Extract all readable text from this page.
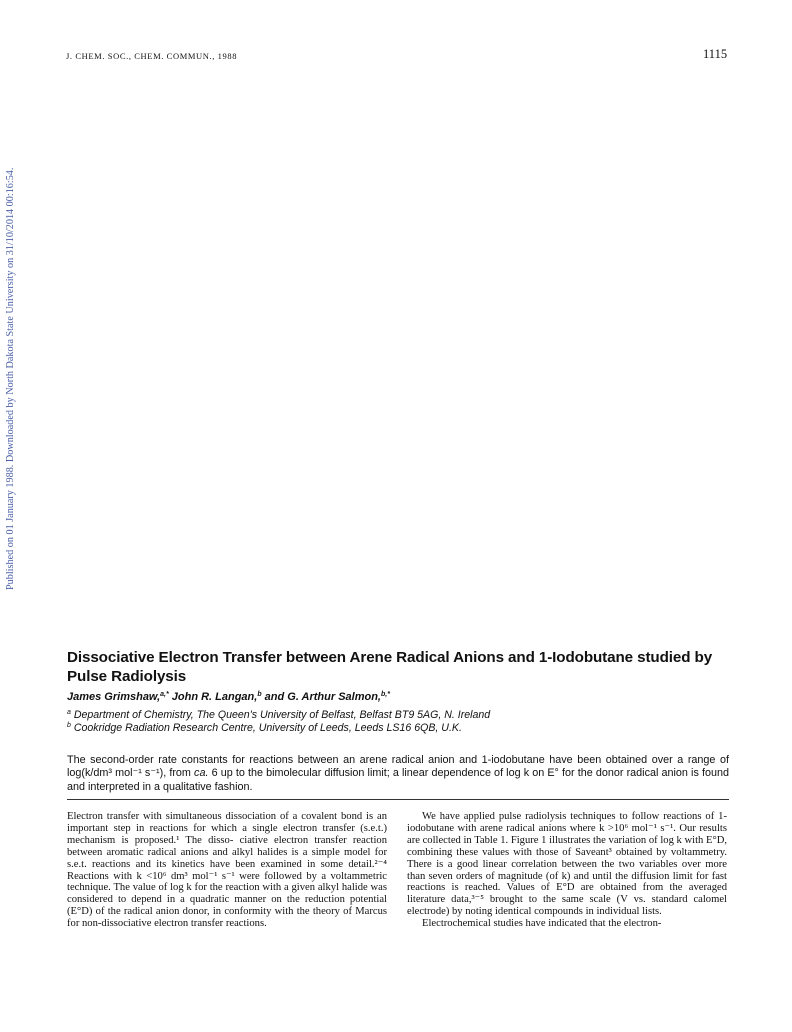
J. CHEM. SOC., CHEM. COMMUN., 1988	1115
Published on 01 January 1988. Downloaded by North Dakota State University on 31/10/2014 00:16:54.
Dissociative Electron Transfer between Arene Radical Anions and 1-Iodobutane studied by Pulse Radiolysis
James Grimshaw,$^{a,*}$ John R. Langan,$^b$ and G. Arthur Salmon,$^{b,*}$
$^a$ Department of Chemistry, The Queen's University of Belfast, Belfast BT9 5AG, N. Ireland
$^b$ Cookridge Radiation Research Centre, University of Leeds, Leeds LS16 6QB, U.K.
The second-order rate constants for reactions between an arene radical anion and 1-iodobutane have been obtained over a range of log(k/dm³ mol⁻¹ s⁻¹), from ca. 6 up to the bimolecular diffusion limit; a linear dependence of log k on E° for the donor radical anion is found and interpreted in a qualitative fashion.

Electron transfer with simultaneous dissociation of a covalent bond is an important step in reactions for which a single electron transfer (s.e.t.) mechanism is proposed.¹ The disso- ciative electron transfer reaction between aromatic radical anions and alkyl halides is a simple model for s.e.t. reactions and its kinetics have been examined in some detail.²⁻⁴ Reactions with k <10⁶ dm³ mol⁻¹ s⁻¹ were followed by a voltammetric technique. The value of log k for the reaction with a given alkyl halide was considered to depend in a quadratic manner on the reduction potential (E°D) of the radical anion donor, in conformity with the theory of Marcus for non-dissociative electron transfer reactions.

We have applied pulse radiolysis techniques to follow reactions of 1-iodobutane with arene radical anions where k >10⁶ mol⁻¹ s⁻¹. Our results are collected in Table 1. Figure 1 illustrates the variation of log k with E°D, combining these values with those of Saveant³ obtained by voltammetry. There is a good linear correlation between the two variables over more than seven orders of magnitude (of k) and until the diffusion limit for fast reactions is reached. Values of E°D are obtained from the averaged literature data,³⁻⁵ brought to the same scale (V vs. standard calomel electrode) by noting identical compounds in individual lists.

Electrochemical studies have indicated that the electron-
